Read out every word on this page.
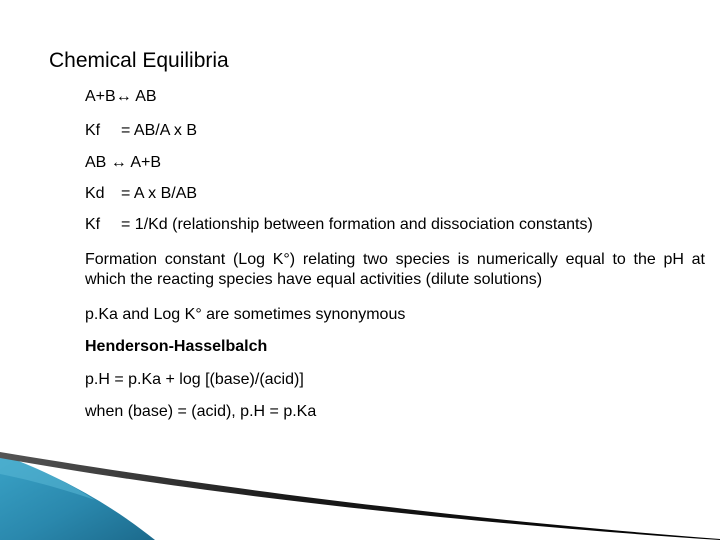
Chemical Equilibria
A+B↔ AB
Kf = AB/A x B
AB ↔ A+B
Kd = A x B/AB
Kf = 1/Kd (relationship between formation and dissociation constants)
Formation constant (Log K°) relating two species is numerically equal to the pH at which the reacting species have equal activities (dilute solutions)
p.Ka and Log K° are sometimes synonymous
Henderson-Hasselbalch
p.H = p.Ka + log [(base)/(acid)]
when (base) = (acid), p.H = p.Ka
